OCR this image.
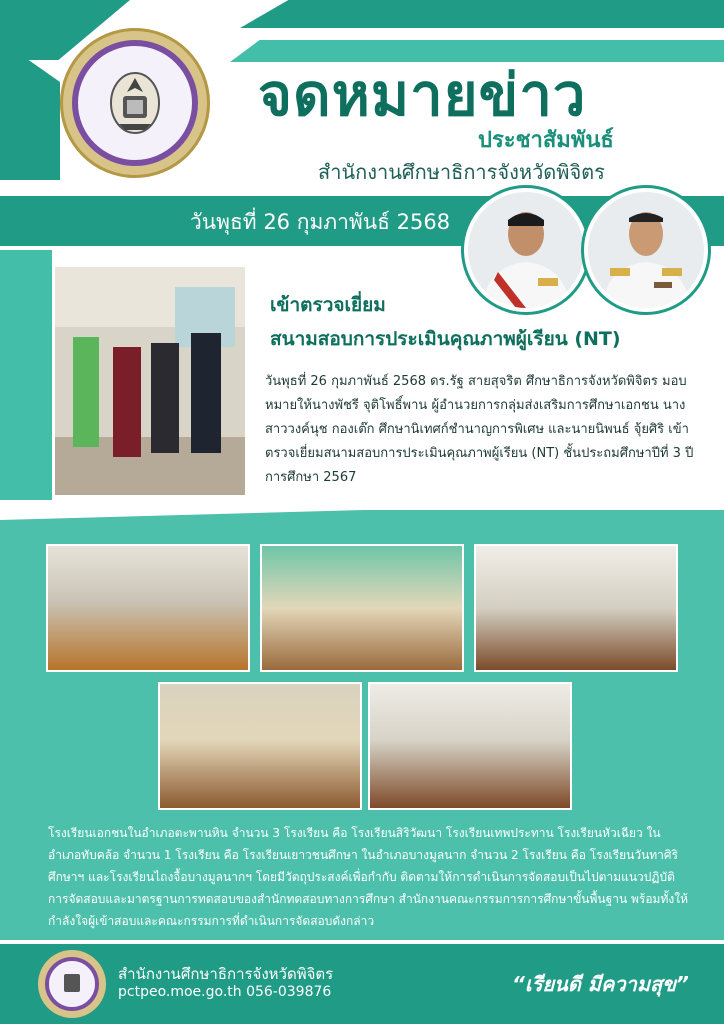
จดหมายข่าว
ประชาสัมพันธ์
สำนักงานศึกษาธิการจังหวัดพิจิตร
วันพุธที่ 26 กุมภาพันธ์ 2568
เข้าตรวจเยี่ยม
สนามสอบการประเมินคุณภาพผู้เรียน (NT)
วันพุธที่ 26 กุมภาพันธ์ 2568 ดร.รัฐ สายสุจริต ศึกษาธิการจังหวัดพิจิตร มอบหมายให้นางพัชรี จุติโพธิ์พาน ผู้อำนวยการกลุ่มส่งเสริมการศึกษาเอกชน นางสาววงค์นุช กองเต๊ก ศึกษานิเทศก์ชำนาญการพิเศษ และนายนิพนธ์ จุ้ยศิริ เข้าตรวจเยี่ยมสนามสอบการประเมินคุณภาพผู้เรียน (NT) ชั้นประถมศึกษาปีที่ 3 ปีการศึกษา 2567
โรงเรียนเอกชนในอำเภอตะพานหิน จำนวน 3 โรงเรียน คือ โรงเรียนสิริวัฒนา โรงเรียนเทพประทาน โรงเรียนหัวเฉียว ในอำเภอทับคล้อ จำนวน 1 โรงเรียน คือ โรงเรียนเยาวชนศึกษา ในอำเภอบางมูลนาก จำนวน 2 โรงเรียน คือ โรงเรียนวันทาศิริศึกษาฯ และโรงเรียนไถงจื้อบางมูลนากฯ โดยมีวัตถุประสงค์เพื่อกำกับ ติดตามให้การดำเนินการจัดสอบเป็นไปตามแนวปฏิบัติการจัดสอบและมาตรฐานการทดสอบของสำนักทดสอบทางการศึกษา สำนักงานคณะกรรมการการศึกษาขั้นพื้นฐาน พร้อมทั้งให้กำลังใจผู้เข้าสอบและคณะกรรมการที่ดำเนินการจัดสอบดังกล่าว
สำนักงานศึกษาธิการจังหวัดพิจิตร
pctpeo.moe.go.th 056-039876	“เรียนดี มีความสุข”
